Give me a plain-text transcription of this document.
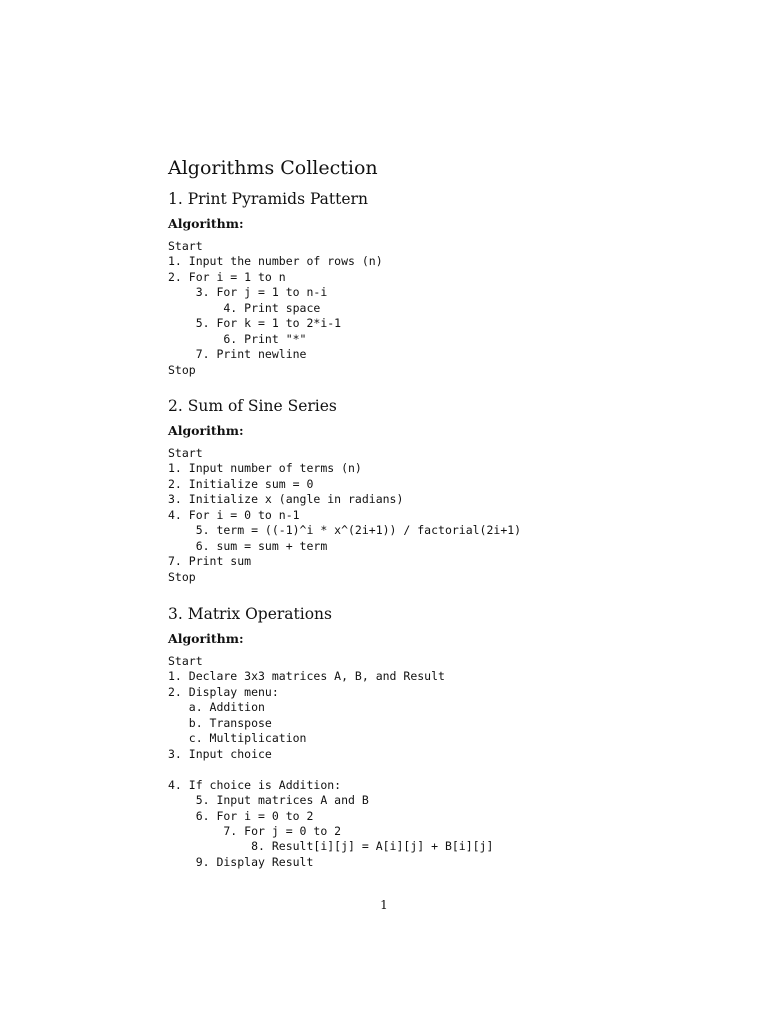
Algorithms Collection
1. Print Pyramids Pattern
Algorithm:
Start
1. Input the number of rows (n)
2. For i = 1 to n
3. For j = 1 to n-i
4. Print space
5. For k = 1 to 2*i-1
6. Print "*"
7. Print newline
Stop
2. Sum of Sine Series
Algorithm:
Start
1. Input number of terms (n)
2. Initialize sum = 0
3. Initialize x (angle in radians)
4. For i = 0 to n-1
5. term = ((-1)^i * x^(2i+1)) / factorial(2i+1)
6. sum = sum + term
7. Print sum
Stop
3. Matrix Operations
Algorithm:
Start
1. Declare 3x3 matrices A, B, and Result
2. Display menu:
a. Addition
b. Transpose
c. Multiplication
3. Input choice

4. If choice is Addition:
5. Input matrices A and B
6. For i = 0 to 2
7. For j = 0 to 2
8. Result[i][j] = A[i][j] + B[i][j]
9. Display Result
1
